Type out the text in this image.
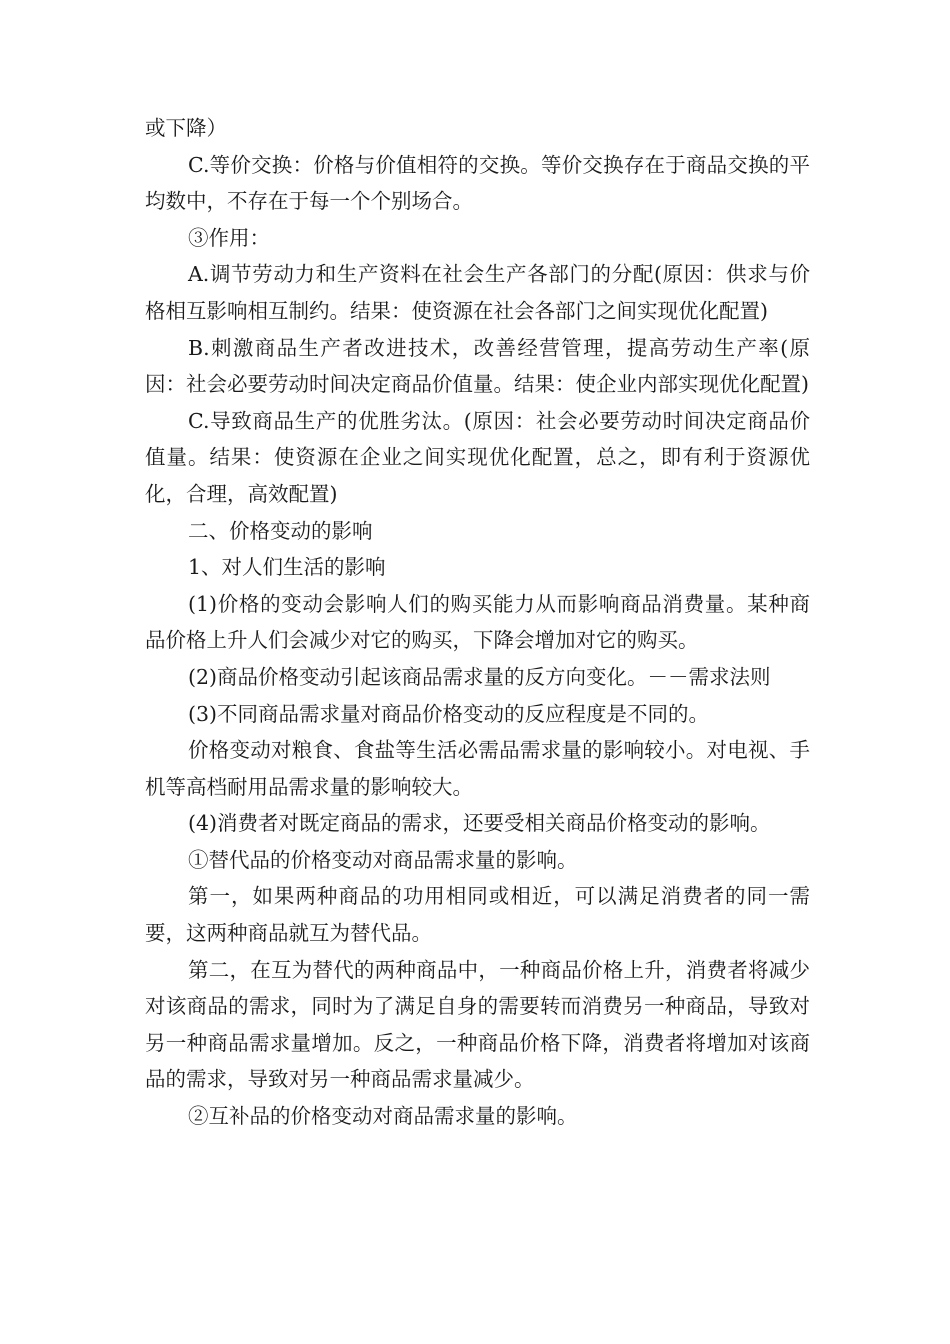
或下降）

C.等价交换：价格与价值相符的交换。等价交换存在于商品交换的平均数中，不存在于每一个个别场合。

③作用：

A.调节劳动力和生产资料在社会生产各部门的分配(原因：供求与价格相互影响相互制约。结果：使资源在社会各部门之间实现优化配置)

B.刺激商品生产者改进技术，改善经营管理，提高劳动生产率(原因：社会必要劳动时间决定商品价值量。结果：使企业内部实现优化配置)

C.导致商品生产的优胜劣汰。(原因：社会必要劳动时间决定商品价值量。结果：使资源在企业之间实现优化配置，总之，即有利于资源优化，合理，高效配置)

二、价格变动的影响

1、对人们生活的影响

(1)价格的变动会影响人们的购买能力从而影响商品消费量。某种商品价格上升人们会减少对它的购买，下降会增加对它的购买。

(2)商品价格变动引起该商品需求量的反方向变化。－－需求法则

(3)不同商品需求量对商品价格变动的反应程度是不同的。

价格变动对粮食、食盐等生活必需品需求量的影响较小。对电视、手机等高档耐用品需求量的影响较大。

(4)消费者对既定商品的需求，还要受相关商品价格变动的影响。

①替代品的价格变动对商品需求量的影响。

第一，如果两种商品的功用相同或相近，可以满足消费者的同一需要，这两种商品就互为替代品。

第二，在互为替代的两种商品中，一种商品价格上升，消费者将减少对该商品的需求，同时为了满足自身的需要转而消费另一种商品，导致对另一种商品需求量增加。反之，一种商品价格下降，消费者将增加对该商品的需求，导致对另一种商品需求量减少。

②互补品的价格变动对商品需求量的影响。
